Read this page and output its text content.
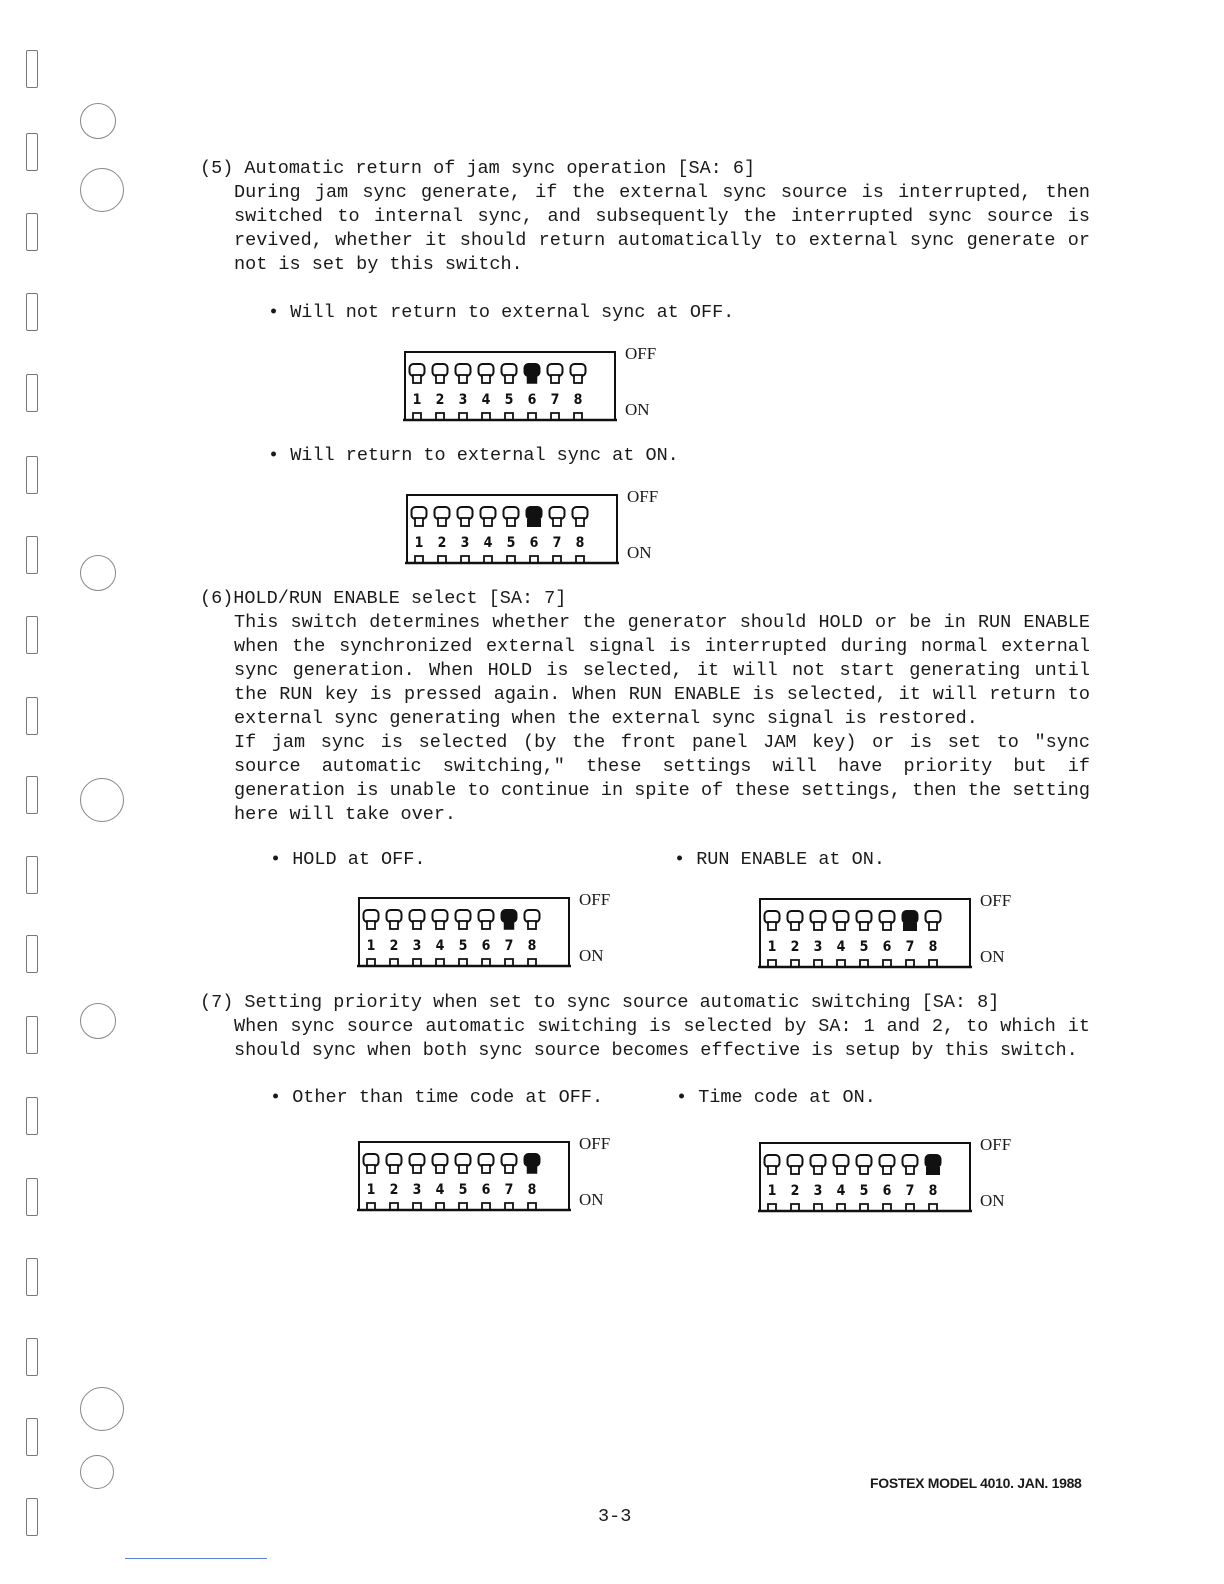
(5) Automatic return of jam sync operation [SA: 6]

During jam sync generate, if the external sync source is interrupted, then switched to internal sync, and subsequently the interrupted sync source is revived, whether it should return automatically to external sync generate or not is set by this switch.

• Will not return to external sync at OFF.
1 2 3 4 5 6 7 8
OFF
ON
• Will return to external sync at ON.
1 2 3 4 5 6 7 8
OFF
ON

(6)HOLD/RUN ENABLE select [SA: 7]

This switch determines whether the generator should HOLD or be in RUN ENABLE when the synchronized external signal is interrupted during normal external sync generation. When HOLD is selected, it will not start generating until the RUN key is pressed again. When RUN ENABLE is selected, it will return to external sync generating when the external sync signal is restored.

If jam sync is selected (by the front panel JAM key) or is set to "sync source automatic switching," these settings will have priority but if generation is unable to continue in spite of these settings, then the setting here will take over.

• HOLD at OFF.	• RUN ENABLE at ON.
1 2 3 4 5 6 7 8
OFF
ON	1 2 3 4 5 6 7 8
OFF
ON

(7) Setting priority when set to sync source automatic switching [SA: 8]

When sync source automatic switching is selected by SA: 1 and 2, to which it should sync when both sync source becomes effective is setup by this switch.

• Other than time code at OFF.	• Time code at ON.
1 2 3 4 5 6 7 8
OFF
ON	1 2 3 4 5 6 7 8
OFF
ON
FOSTEX MODEL 4010. JAN. 1988
3-3
